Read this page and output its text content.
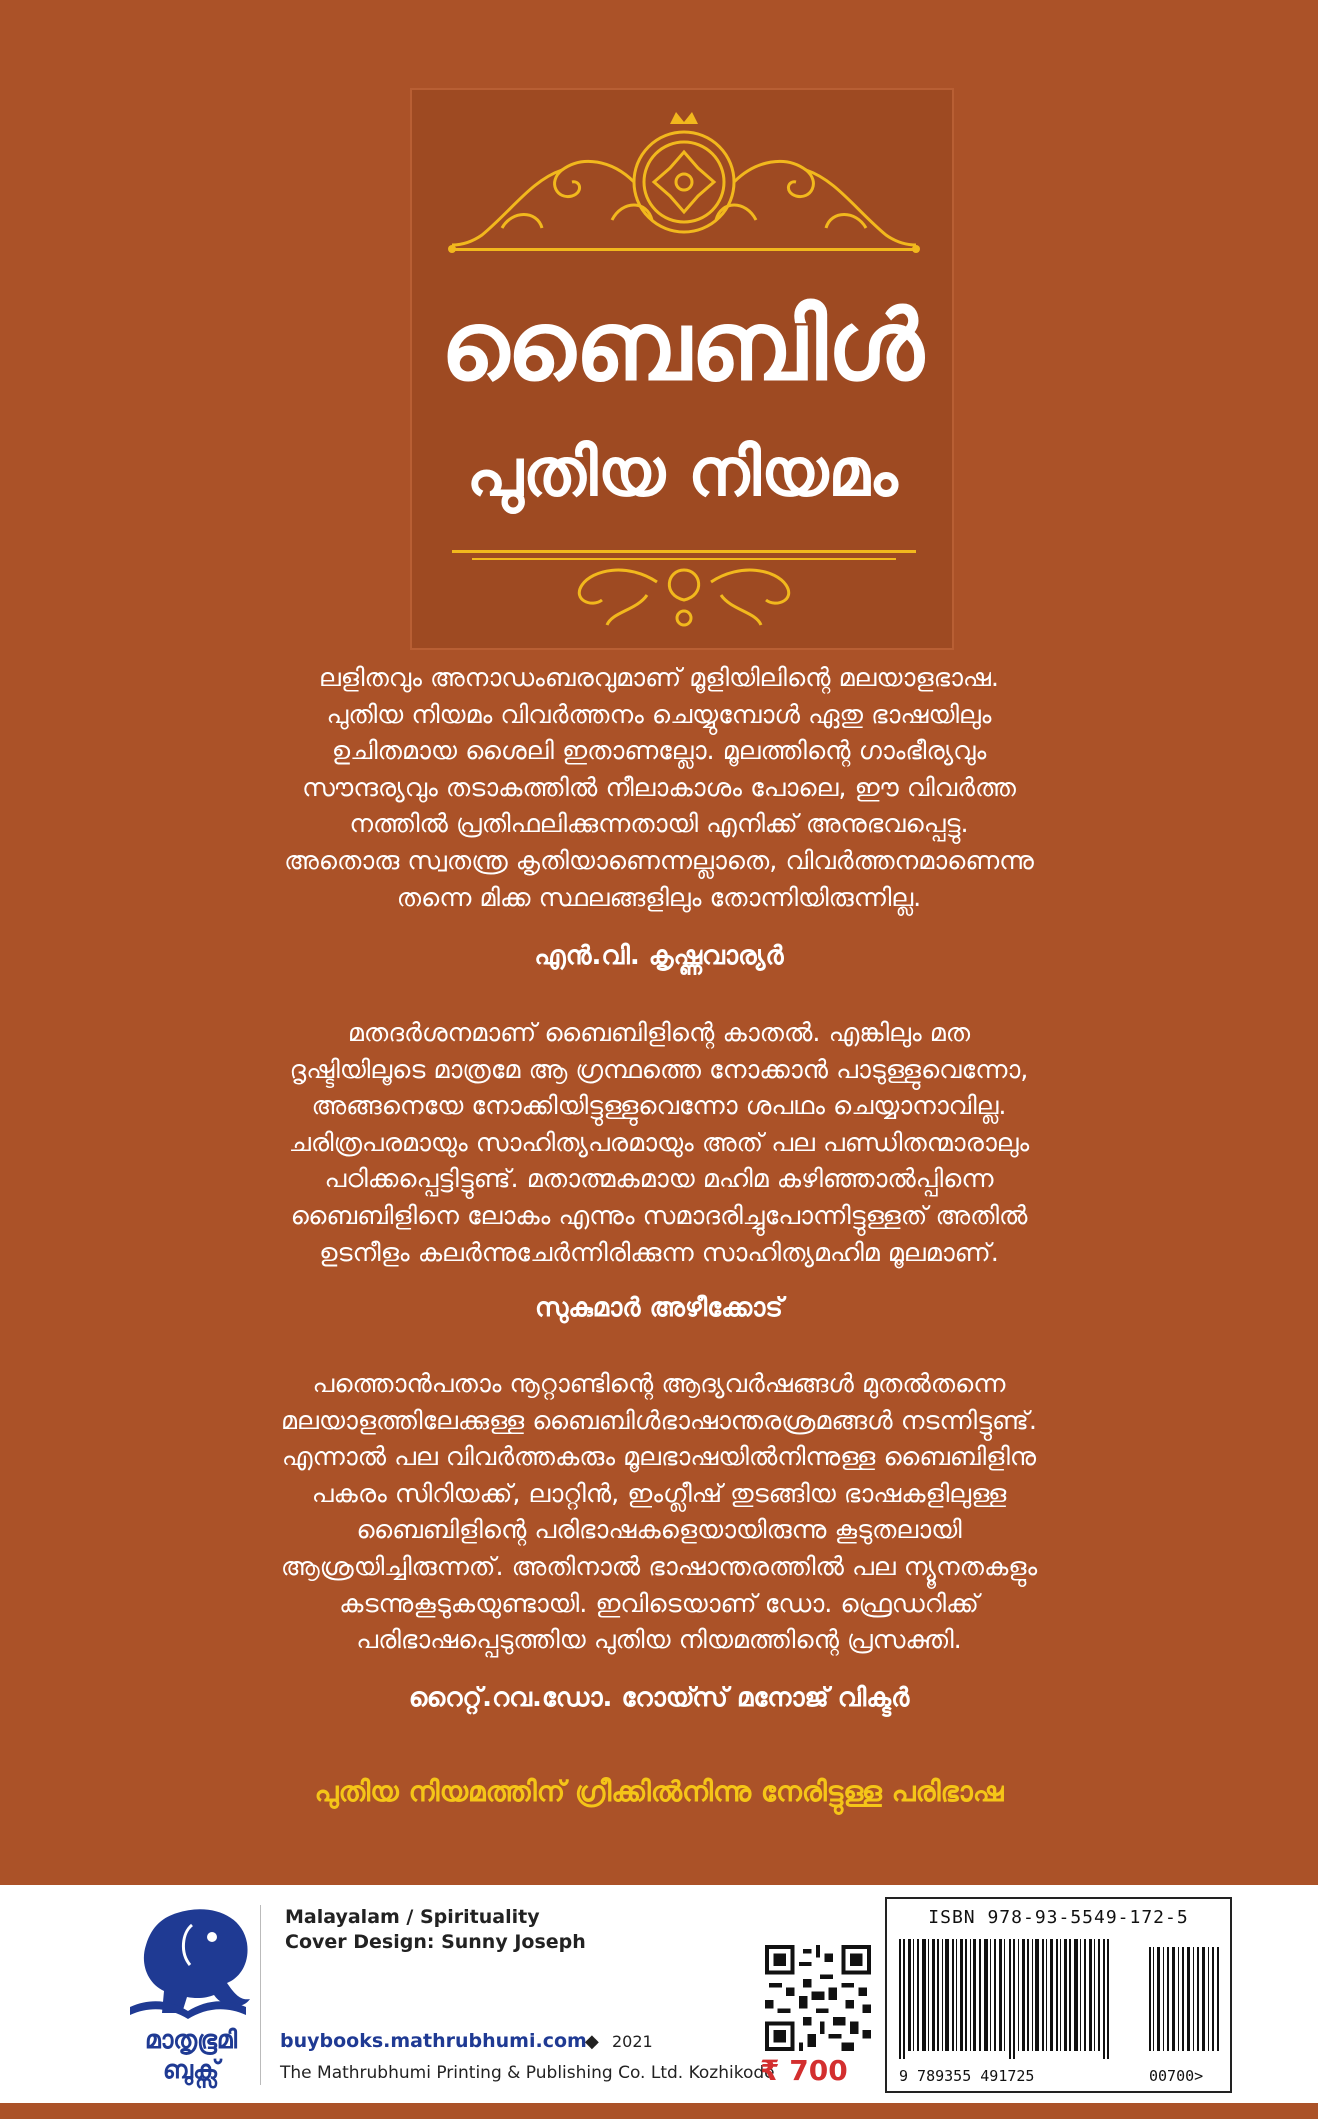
ബൈബിൾ
പുതിയ നിയമം

ലളിതവും അനാഡംബരവുമാണ് മൂളിയിലിന്റെ മലയാളഭാഷ.
പുതിയ നിയമം വിവർത്തനം ചെയ്യുമ്പോൾ ഏതു ഭാഷയിലും
ഉചിതമായ ശൈലി ഇതാണല്ലോ. മൂലത്തിന്റെ ഗാംഭീര്യവും
സൗന്ദര്യവും തടാകത്തിൽ നീലാകാശം പോലെ, ഈ വിവർത്ത
നത്തിൽ പ്രതിഫലിക്കുന്നതായി എനിക്ക് അനുഭവപ്പെട്ടു.
അതൊരു സ്വതന്ത്ര കൃതിയാണെന്നല്ലാതെ, വിവർത്തനമാണെന്നു
തന്നെ മിക്ക സ്ഥലങ്ങളിലും തോന്നിയിരുന്നില്ല.

എൻ.വി. കൃഷ്ണവാര്യർ

മതദർശനമാണ് ബൈബിളിന്റെ കാതൽ. എങ്കിലും മത
ദൃഷ്ടിയിലൂടെ മാത്രമേ ആ ഗ്രന്ഥത്തെ നോക്കാൻ പാടുള്ളുവെന്നോ,
അങ്ങനെയേ നോക്കിയിട്ടുള്ളുവെന്നോ ശപഥം ചെയ്യാനാവില്ല.
ചരിത്രപരമായും സാഹിത്യപരമായും അത് പല പണ്ഡിതന്മാരാലും
പഠിക്കപ്പെട്ടിട്ടുണ്ട്. മതാത്മകമായ മഹിമ കഴിഞ്ഞാൽപ്പിന്നെ
ബൈബിളിനെ ലോകം എന്നും സമാദരിച്ചുപോന്നിട്ടുള്ളത് അതിൽ
ഉടനീളം കലർന്നുചേർന്നിരിക്കുന്ന സാഹിത്യമഹിമ മൂലമാണ്.

സുകുമാർ അഴീക്കോട്

പത്തൊൻപതാം നൂറ്റാണ്ടിന്റെ ആദ്യവർഷങ്ങൾ മുതൽതന്നെ
മലയാളത്തിലേക്കുള്ള ബൈബിൾഭാഷാന്തരശ്രമങ്ങൾ നടന്നിട്ടുണ്ട്.
എന്നാൽ പല വിവർത്തകരും മൂലഭാഷയിൽനിന്നുള്ള ബൈബിളിനു
പകരം സിറിയക്ക്, ലാറ്റിൻ, ഇംഗ്ലീഷ് തുടങ്ങിയ ഭാഷകളിലുള്ള
ബൈബിളിന്റെ പരിഭാഷകളെയായിരുന്നു കൂടുതലായി
ആശ്രയിച്ചിരുന്നത്. അതിനാൽ ഭാഷാന്തരത്തിൽ പല ന്യൂനതകളും
കടന്നുകൂടുകയുണ്ടായി. ഇവിടെയാണ് ഡോ. ഫ്രെഡറിക്ക്
പരിഭാഷപ്പെടുത്തിയ പുതിയ നിയമത്തിന്റെ പ്രസക്തി.

റൈറ്റ്.റവ.ഡോ. റോയ്സ് മനോജ് വിക്ടർ
പുതിയ നിയമത്തിന് ഗ്രീക്കിൽനിന്നു നേരിട്ടുള്ള പരിഭാഷ
മാതൃഭൂമി ബുക്സ്
Malayalam / Spirituality
Cover Design: Sunny Joseph
buybooks.mathrubhumi.com
◆ 2021
The Mathrubhumi Printing & Publishing Co. Ltd. Kozhikode
₹ 700
ISBN 978-93-5549-172-5
9 789355 491725	00700>
